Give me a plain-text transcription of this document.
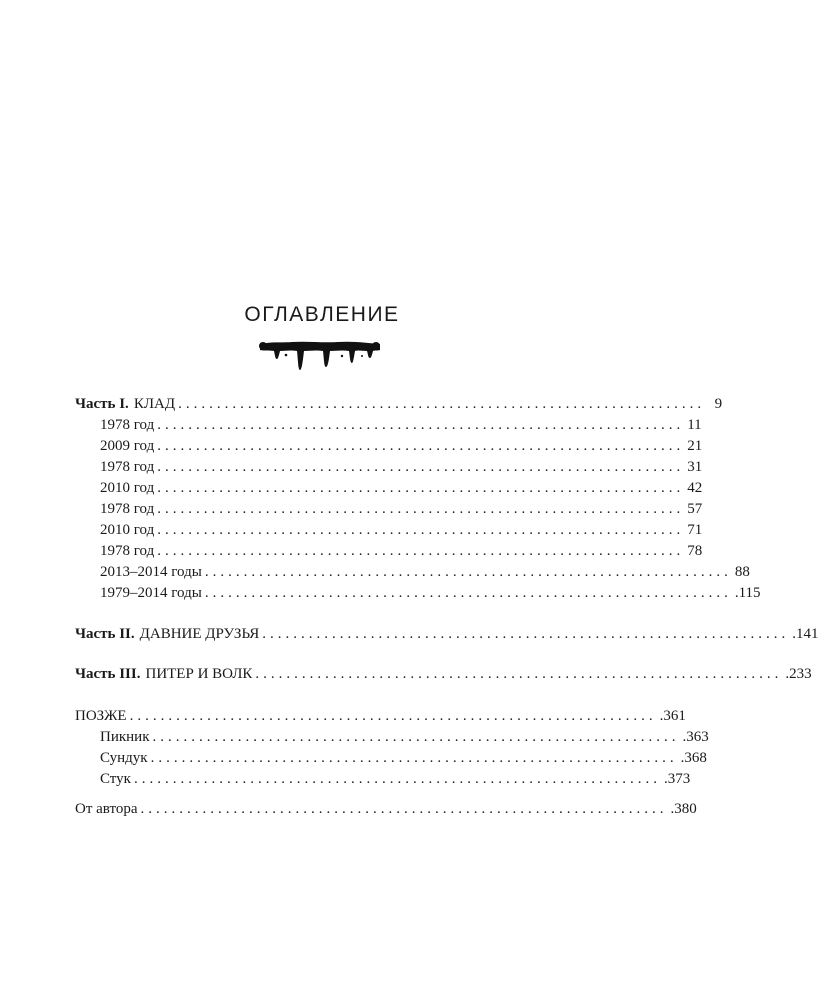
ОГЛАВЛЕНИЕ
Часть I. КЛАД .................................................................... 9
1978 год .................................................................... 11
2009 год .................................................................... 21
1978 год .................................................................... 31
2010 год .................................................................... 42
1978 год .................................................................... 57
2010 год .................................................................... 71
1978 год .................................................................... 78
2013–2014 годы .................................................................... 88
1979–2014 годы .................................................................... .115
Часть II. ДАВНИЕ ДРУЗЬЯ .................................................................... .141
Часть III. ПИТЕР И ВОЛК .................................................................... .233
ПОЗЖЕ .................................................................... .361
Пикник .................................................................... .363
Сундук .................................................................... .368
Стук .................................................................... .373
От автора .................................................................... .380
